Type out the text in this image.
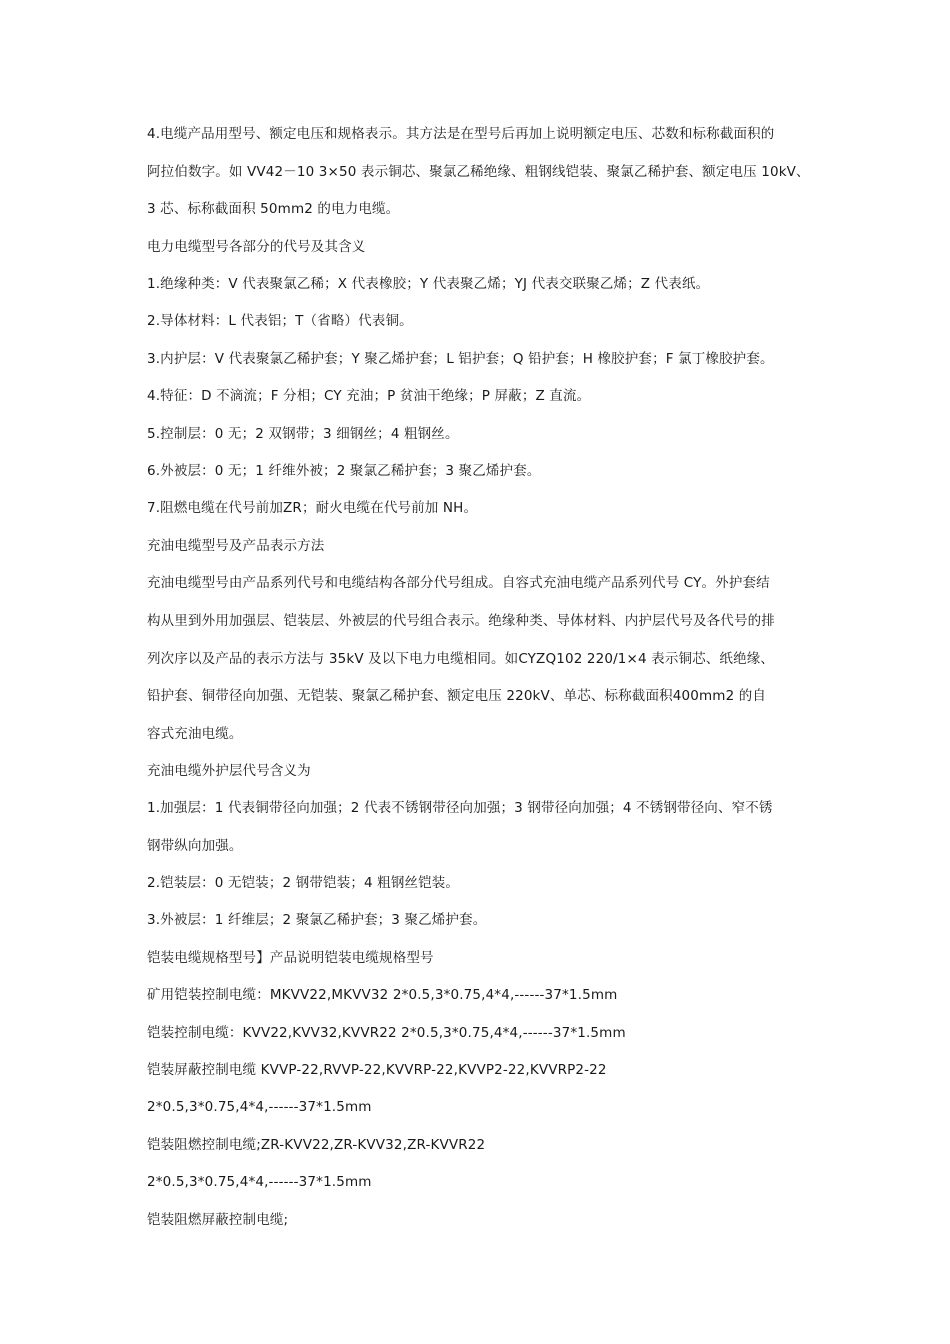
4.电缆产品用型号、额定电压和规格表示。其方法是在型号后再加上说明额定电压、芯数和标称截面积的
阿拉伯数字。如 VV42－10 3×50 表示铜芯、聚氯乙稀绝缘、粗钢线铠装、聚氯乙稀护套、额定电压 10kV、
3 芯、标称截面积 50mm2 的电力电缆。
电力电缆型号各部分的代号及其含义
1.绝缘种类：V 代表聚氯乙稀；X 代表橡胶；Y 代表聚乙烯；YJ 代表交联聚乙烯；Z 代表纸。
2.导体材料：L 代表铝；T（省略）代表铜。
3.内护层：V 代表聚氯乙稀护套；Y 聚乙烯护套；L 铝护套；Q 铅护套；H 橡胶护套；F 氯丁橡胶护套。
4.特征：D 不滴流；F 分相；CY 充油；P 贫油干绝缘；P 屏蔽；Z 直流。
5.控制层：0 无；2 双钢带；3 细钢丝；4 粗钢丝。
6.外被层：0 无；1 纤维外被；2 聚氯乙稀护套；3 聚乙烯护套。
7.阻燃电缆在代号前加ZR；耐火电缆在代号前加 NH。
充油电缆型号及产品表示方法
充油电缆型号由产品系列代号和电缆结构各部分代号组成。自容式充油电缆产品系列代号 CY。外护套结
构从里到外用加强层、铠装层、外被层的代号组合表示。绝缘种类、导体材料、内护层代号及各代号的排
列次序以及产品的表示方法与 35kV 及以下电力电缆相同。如CYZQ102 220/1×4 表示铜芯、纸绝缘、
铅护套、铜带径向加强、无铠装、聚氯乙稀护套、额定电压 220kV、单芯、标称截面积400mm2 的自
容式充油电缆。
充油电缆外护层代号含义为
1.加强层：1 代表铜带径向加强；2 代表不锈钢带径向加强；3 钢带径向加强；4 不锈钢带径向、窄不锈
钢带纵向加强。
2.铠装层：0 无铠装；2 钢带铠装；4 粗钢丝铠装。
3.外被层：1 纤维层；2 聚氯乙稀护套；3 聚乙烯护套。
铠装电缆规格型号】产品说明铠装电缆规格型号
矿用铠装控制电缆：MKVV22,MKVV32 2*0.5,3*0.75,4*4,------37*1.5mm
铠装控制电缆：KVV22,KVV32,KVVR22 2*0.5,3*0.75,4*4,------37*1.5mm
铠装屏蔽控制电缆 KVVP-22,RVVP-22,KVVRP-22,KVVP2-22,KVVRP2-22
2*0.5,3*0.75,4*4,------37*1.5mm
铠装阻燃控制电缆;ZR-KVV22,ZR-KVV32,ZR-KVVR22
2*0.5,3*0.75,4*4,------37*1.5mm
铠装阻燃屏蔽控制电缆;
